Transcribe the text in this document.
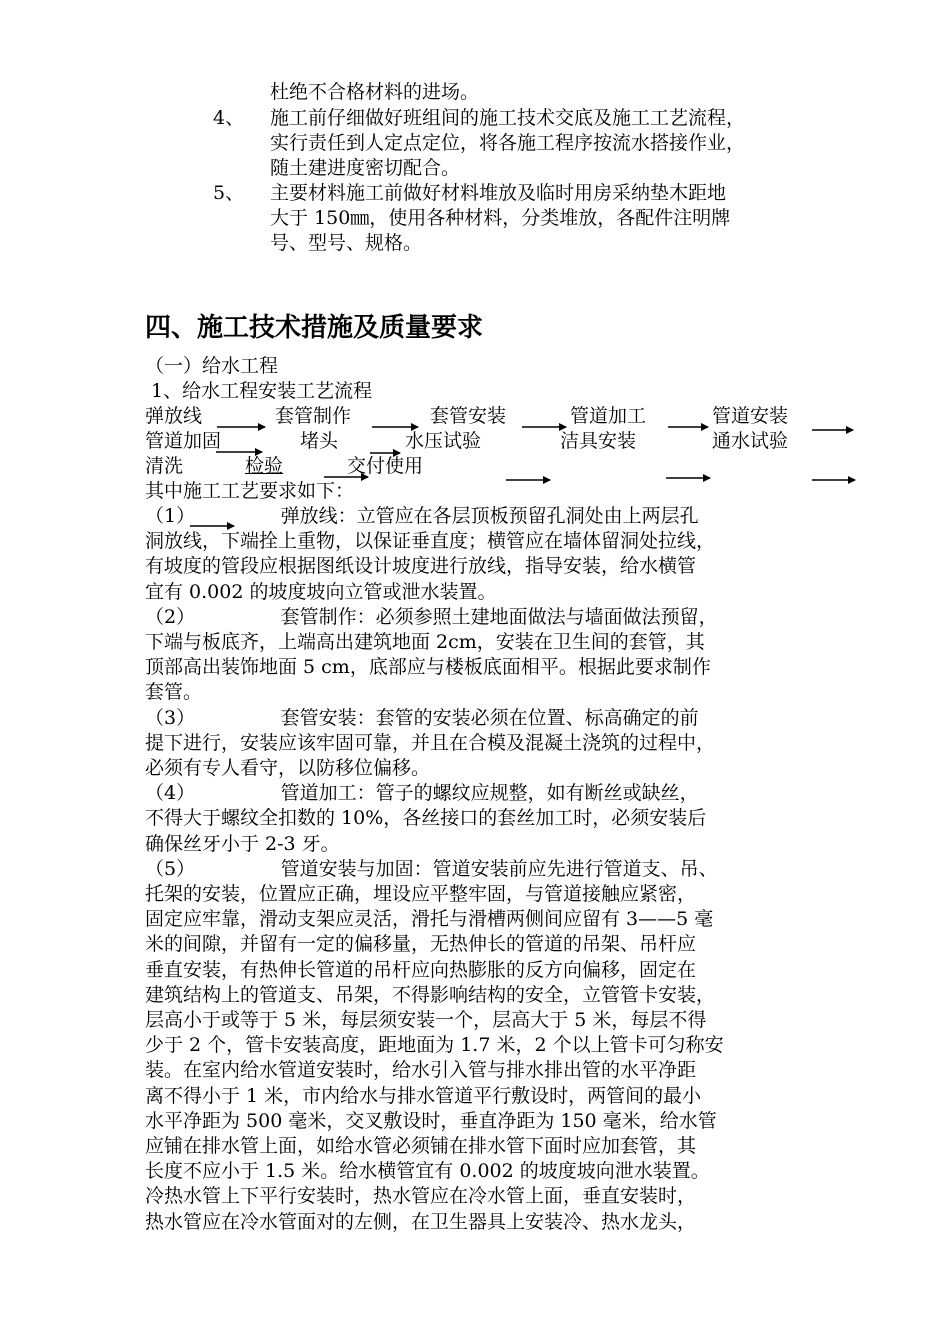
杜绝不合格材料的进场。

4、 施工前仔细做好班组间的施工技术交底及施工工艺流程，

实行责任到人定点定位，将各施工程序按流水搭接作业，

随土建进度密切配合。

5、 主要材料施工前做好材料堆放及临时用房采纳垫木距地

大于 150㎜，使用各种材料，分类堆放，各配件注明牌

号、型号、规格。

四、施工技术措施及质量要求

（一）给水工程

1、给水工程安装工艺流程

弹放线	套管制作	套管安装	管道加工	管道安装
管道加固	堵头	水压试验	洁具安装	通水试验
清洗	检验	交付使用

其中施工工艺要求如下：

（1）　　　　　弹放线：立管应在各层顶板预留孔洞处由上两层孔

洞放线，下端拴上重物，以保证垂直度；横管应在墙体留洞处拉线，

有坡度的管段应根据图纸设计坡度进行放线，指导安装，给水横管

宜有 0.002 的坡度坡向立管或泄水装置。

（2）　　　　　套管制作：必须参照土建地面做法与墙面做法预留，

下端与板底齐，上端高出建筑地面 2cm，安装在卫生间的套管，其

顶部高出装饰地面 5 cm，底部应与楼板底面相平。根据此要求制作

套管。

（3）　　　　　套管安装：套管的安装必须在位置、标高确定的前

提下进行，安装应该牢固可靠，并且在合模及混凝土浇筑的过程中，

必须有专人看守，以防移位偏移。

（4）　　　　　管道加工：管子的螺纹应规整，如有断丝或缺丝，

不得大于螺纹全扣数的 10%，各丝接口的套丝加工时，必须安装后

确保丝牙小于 2-3 牙。

（5）　　　　　管道安装与加固：管道安装前应先进行管道支、吊、

托架的安装，位置应正确，埋设应平整牢固，与管道接触应紧密，

固定应牢靠，滑动支架应灵活，滑托与滑槽两侧间应留有 3——5 毫

米的间隙，并留有一定的偏移量，无热伸长的管道的吊架、吊杆应

垂直安装，有热伸长管道的吊杆应向热膨胀的反方向偏移，固定在

建筑结构上的管道支、吊架，不得影响结构的安全，立管管卡安装，

层高小于或等于 5 米，每层须安装一个，层高大于 5 米，每层不得

少于 2 个，管卡安装高度，距地面为 1.7 米，2 个以上管卡可匀称安

装。在室内给水管道安装时，给水引入管与排水排出管的水平净距

离不得小于 1 米，市内给水与排水管道平行敷设时，两管间的最小

水平净距为 500 毫米，交叉敷设时，垂直净距为 150 毫米，给水管

应铺在排水管上面，如给水管必须铺在排水管下面时应加套管，其

长度不应小于 1.5 米。给水横管宜有 0.002 的坡度坡向泄水装置。

冷热水管上下平行安装时，热水管应在冷水管上面，垂直安装时，

热水管应在冷水管面对的左侧，在卫生器具上安装冷、热水龙头，
